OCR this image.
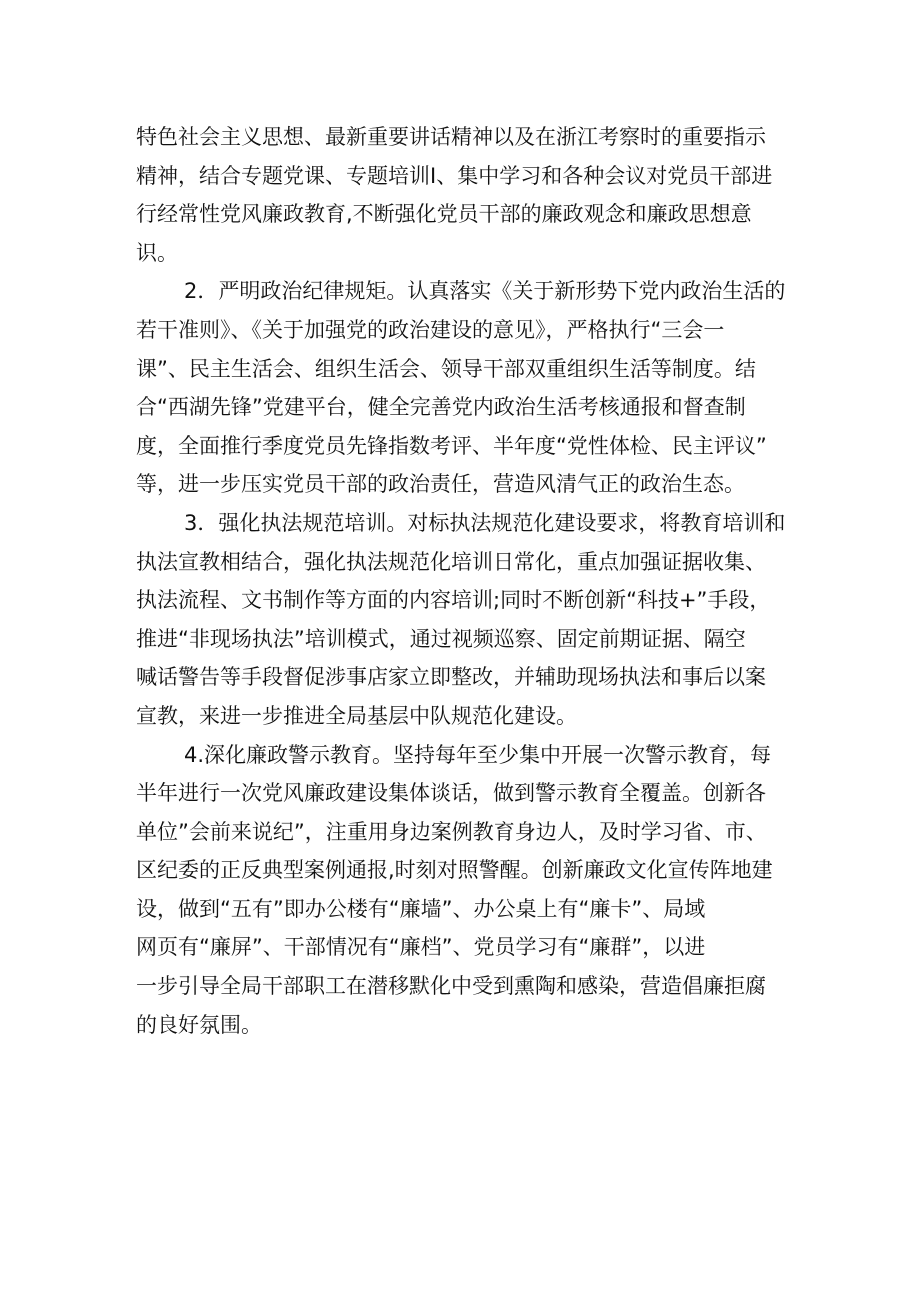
特色社会主义思想、最新重要讲话精神以及在浙江考察时的重要指示
精神，结合专题党课、专题培训I、集中学习和各种会议对党员干部进
行经常性党风廉政教育,不断强化党员干部的廉政观念和廉政思想意
识。
2．严明政治纪律规矩。认真落实《关于新形势下党内政治生活的
若干准则》、《关于加强党的政治建设的意见》，严格执行“三会一
课”、民主生活会、组织生活会、领导干部双重组织生活等制度。结
合“西湖先锋”党建平台，健全完善党内政治生活考核通报和督查制
度，全面推行季度党员先锋指数考评、半年度“党性体检、民主评议”
等，进一步压实党员干部的政治责任，营造风清气正的政治生态。
3．强化执法规范培训。对标执法规范化建设要求，将教育培训和
执法宣教相结合，强化执法规范化培训日常化，重点加强证据收集、
执法流程、文书制作等方面的内容培训;同时不断创新“科技+”手段，
推进“非现场执法”培训模式，通过视频巡察、固定前期证据、隔空
喊话警告等手段督促涉事店家立即整改，并辅助现场执法和事后以案
宣教，来进一步推进全局基层中队规范化建设。
4.深化廉政警示教育。坚持每年至少集中开展一次警示教育，每
半年进行一次党风廉政建设集体谈话，做到警示教育全覆盖。创新各
单位”会前来说纪”，注重用身边案例教育身边人，及时学习省、市、
区纪委的正反典型案例通报,时刻对照警醒。创新廉政文化宣传阵地建
设，做到“五有”即办公楼有“廉墙”、办公桌上有“廉卡”、局域
网页有“廉屏”、干部情况有“廉档”、党员学习有“廉群”，以进
一步引导全局干部职工在潜移默化中受到熏陶和感染，营造倡廉拒腐
的良好氛围。
